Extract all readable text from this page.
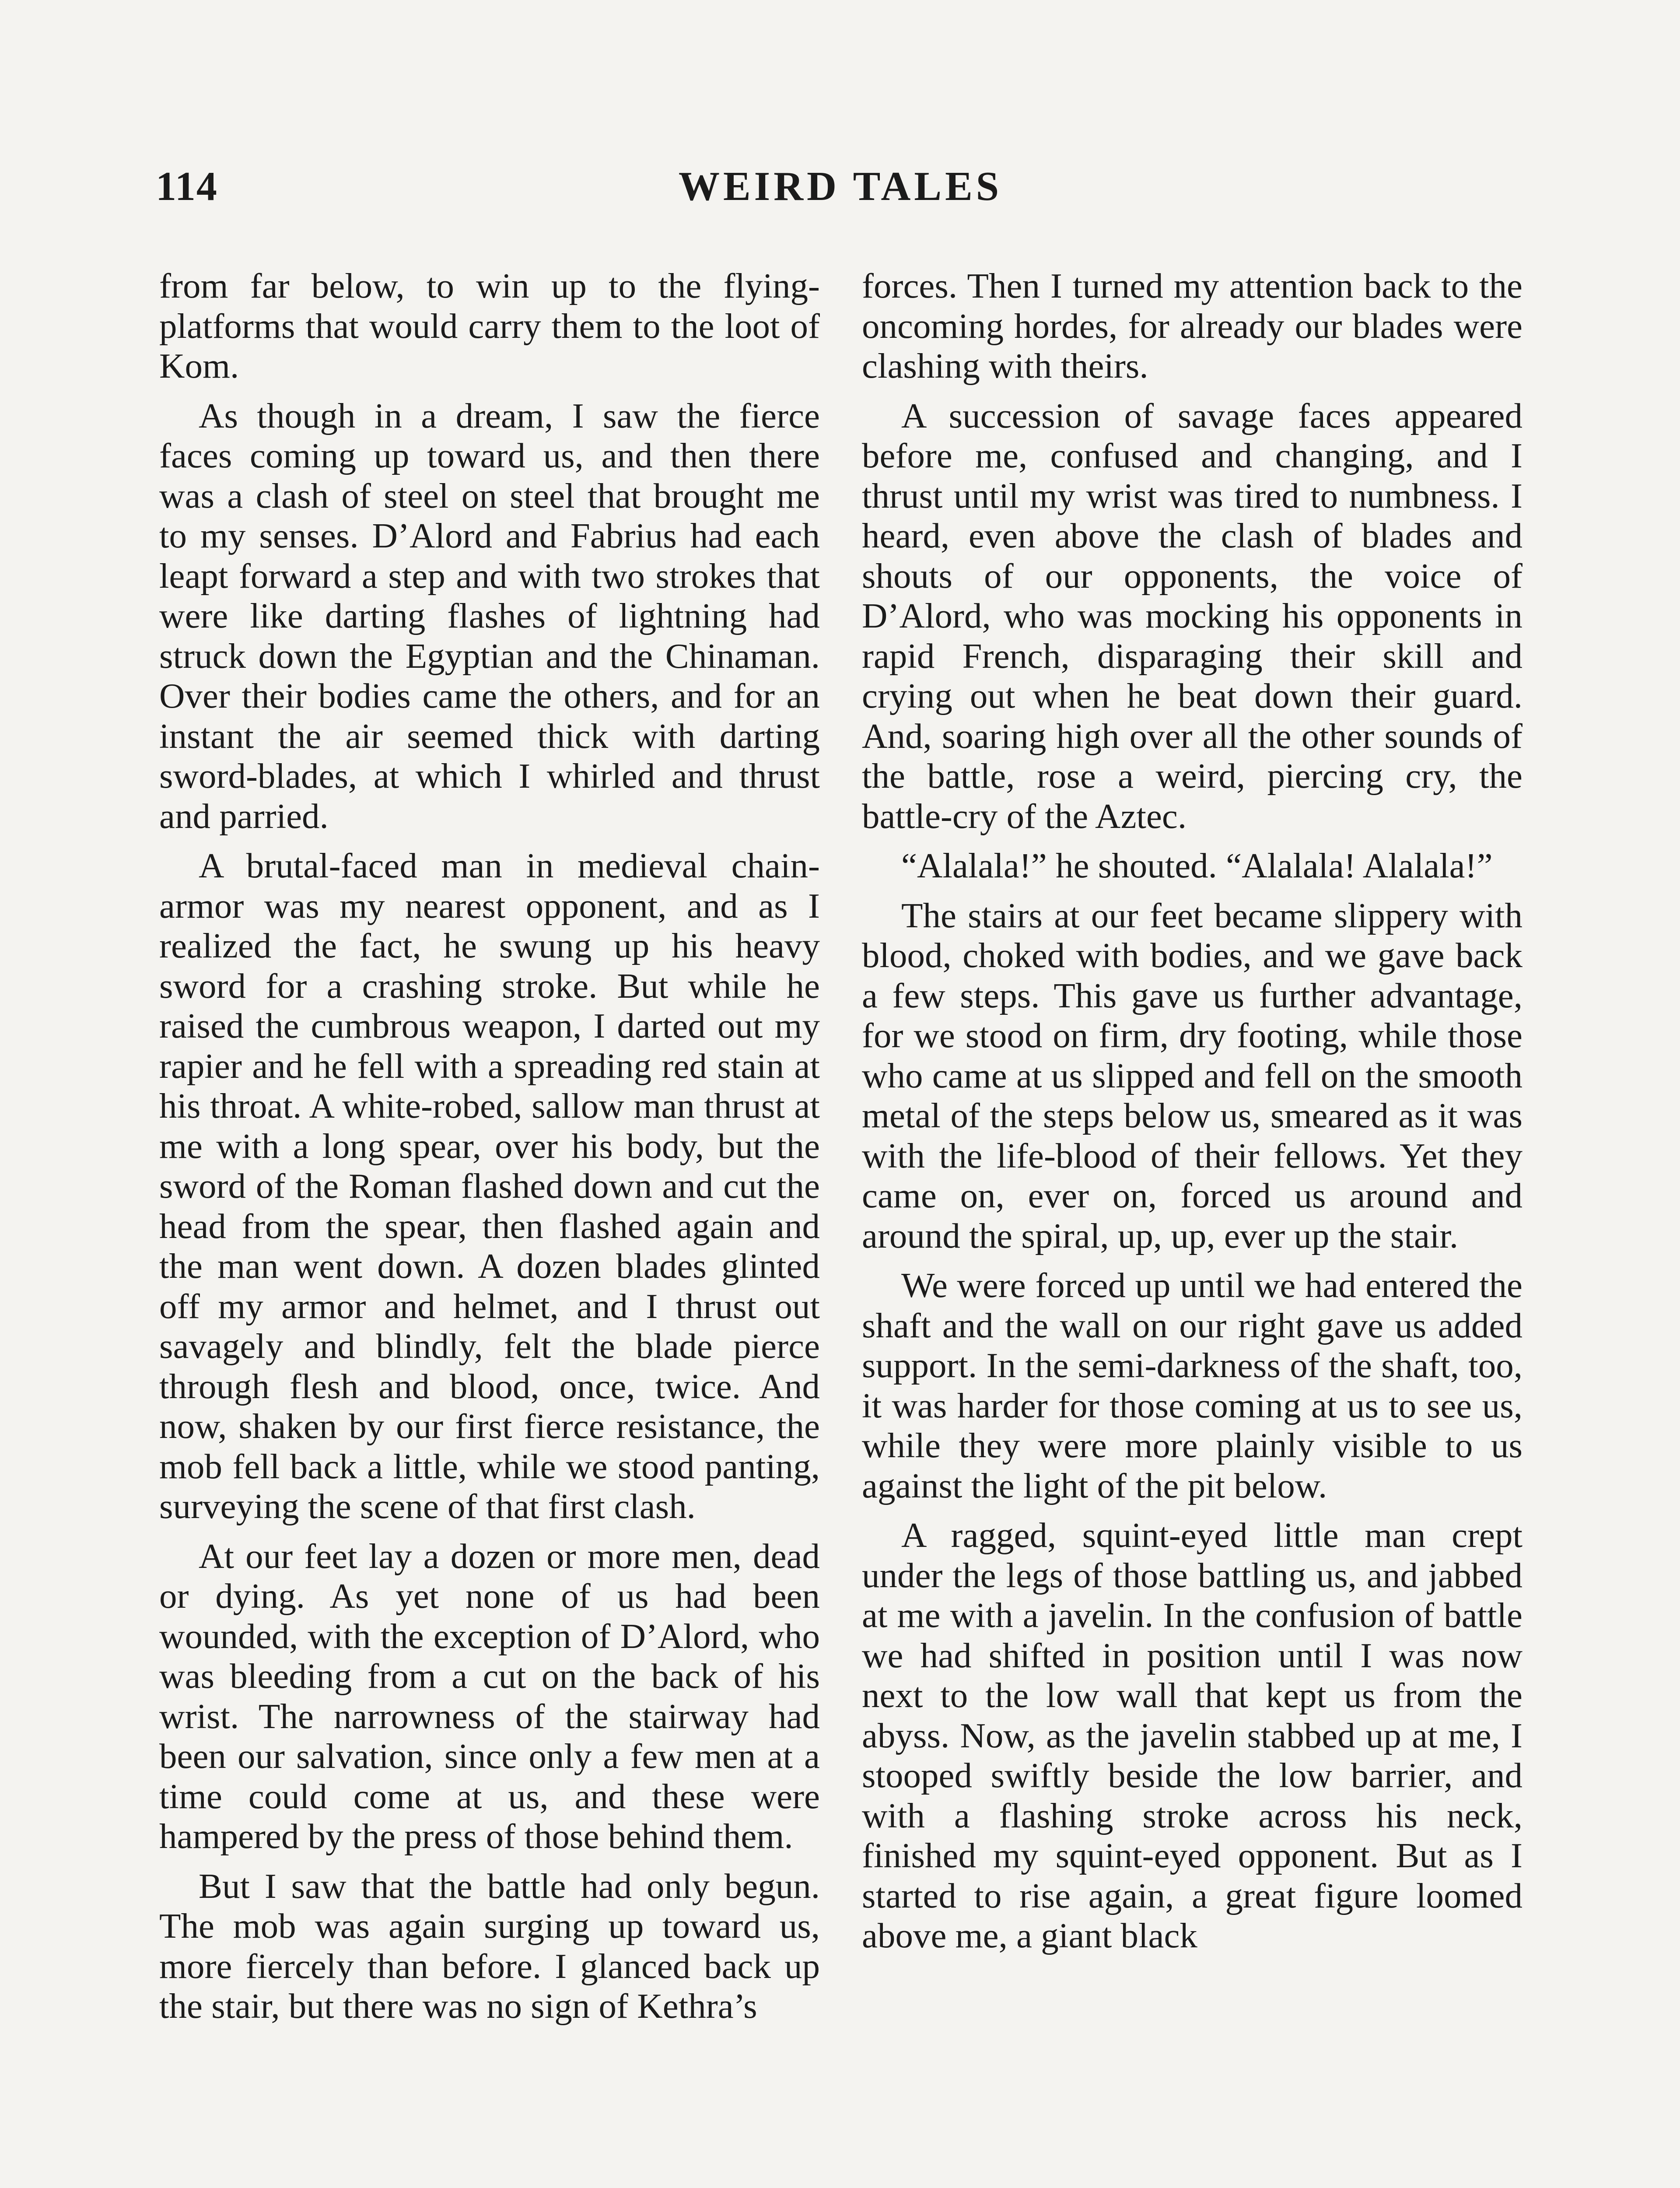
114	WEIRD TALES

from far below, to win up to the flying-platforms that would carry them to the loot of Kom.

As though in a dream, I saw the fierce faces coming up toward us, and then there was a clash of steel on steel that brought me to my senses. D’Alord and Fabrius had each leapt forward a step and with two strokes that were like darting flashes of lightning had struck down the Egyptian and the Chinaman. Over their bodies came the others, and for an instant the air seemed thick with darting sword-blades, at which I whirled and thrust and parried.

A brutal-faced man in medieval chain-armor was my nearest opponent, and as I realized the fact, he swung up his heavy sword for a crashing stroke. But while he raised the cumbrous weapon, I darted out my rapier and he fell with a spreading red stain at his throat. A white-robed, sallow man thrust at me with a long spear, over his body, but the sword of the Roman flashed down and cut the head from the spear, then flashed again and the man went down. A dozen blades glinted off my armor and helmet, and I thrust out savagely and blindly, felt the blade pierce through flesh and blood, once, twice. And now, shaken by our first fierce resistance, the mob fell back a little, while we stood panting, surveying the scene of that first clash.

At our feet lay a dozen or more men, dead or dying. As yet none of us had been wounded, with the exception of D’Alord, who was bleeding from a cut on the back of his wrist. The narrowness of the stairway had been our salvation, since only a few men at a time could come at us, and these were hampered by the press of those behind them.

But I saw that the battle had only begun. The mob was again surging up toward us, more fiercely than before. I glanced back up the stair, but there was no sign of Kethra’s

forces. Then I turned my attention back to the oncoming hordes, for already our blades were clashing with theirs.

A succession of savage faces appeared before me, confused and changing, and I thrust until my wrist was tired to numbness. I heard, even above the clash of blades and shouts of our opponents, the voice of D’Alord, who was mocking his opponents in rapid French, disparaging their skill and crying out when he beat down their guard. And, soaring high over all the other sounds of the battle, rose a weird, piercing cry, the battle-cry of the Aztec.

“Alalala!” he shouted. “Alalala! Alalala!”

The stairs at our feet became slippery with blood, choked with bodies, and we gave back a few steps. This gave us further advantage, for we stood on firm, dry footing, while those who came at us slipped and fell on the smooth metal of the steps below us, smeared as it was with the life-blood of their fellows. Yet they came on, ever on, forced us around and around the spiral, up, up, ever up the stair.

We were forced up until we had entered the shaft and the wall on our right gave us added support. In the semi-darkness of the shaft, too, it was harder for those coming at us to see us, while they were more plainly visible to us against the light of the pit below.

A ragged, squint-eyed little man crept under the legs of those battling us, and jabbed at me with a javelin. In the confusion of battle we had shifted in position until I was now next to the low wall that kept us from the abyss. Now, as the javelin stabbed up at me, I stooped swiftly beside the low barrier, and with a flashing stroke across his neck, finished my squint-eyed opponent. But as I started to rise again, a great figure loomed above me, a giant black
